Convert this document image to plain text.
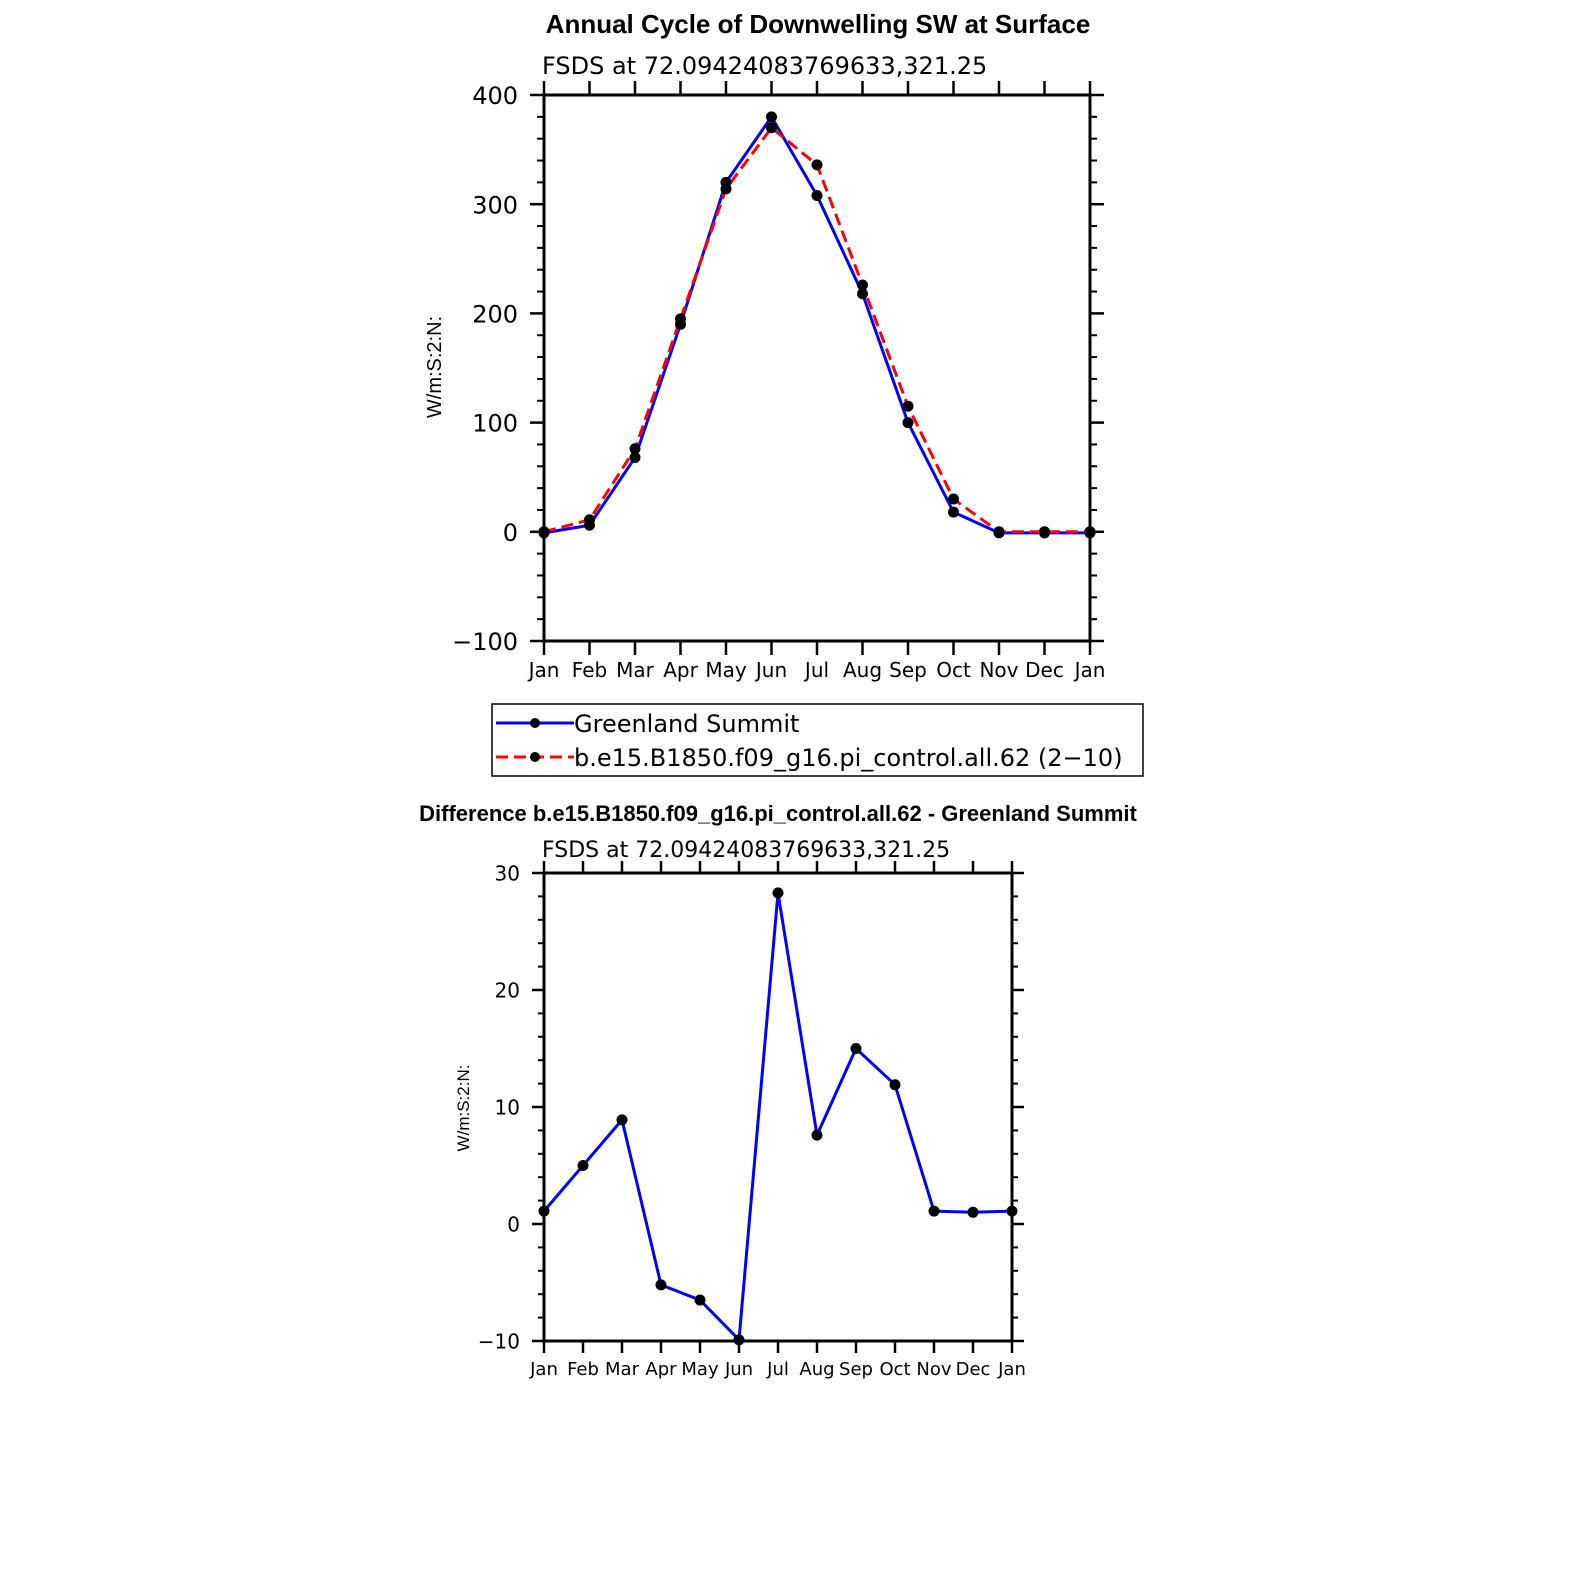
Annual Cycle of Downwelling SW at Surface
FSDS at 72.09424083769633,321.25
W/m:S:2:N:
Jan Feb Mar Apr May Jun Jul Aug Sep Oct Nov Dec Jan
−100
0
100
200
300
400
Greenland Summit
b.e15.B1850.f09_g16.pi_control.all.62 (2−10)
Difference b.e15.B1850.f09_g16.pi_control.all.62 - Greenland Summit
FSDS at 72.09424083769633,321.25
W/m:S:2:N:
Jan Feb Mar Apr May Jun Jul Aug Sep Oct Nov Dec Jan
−10
0
10
20
30
